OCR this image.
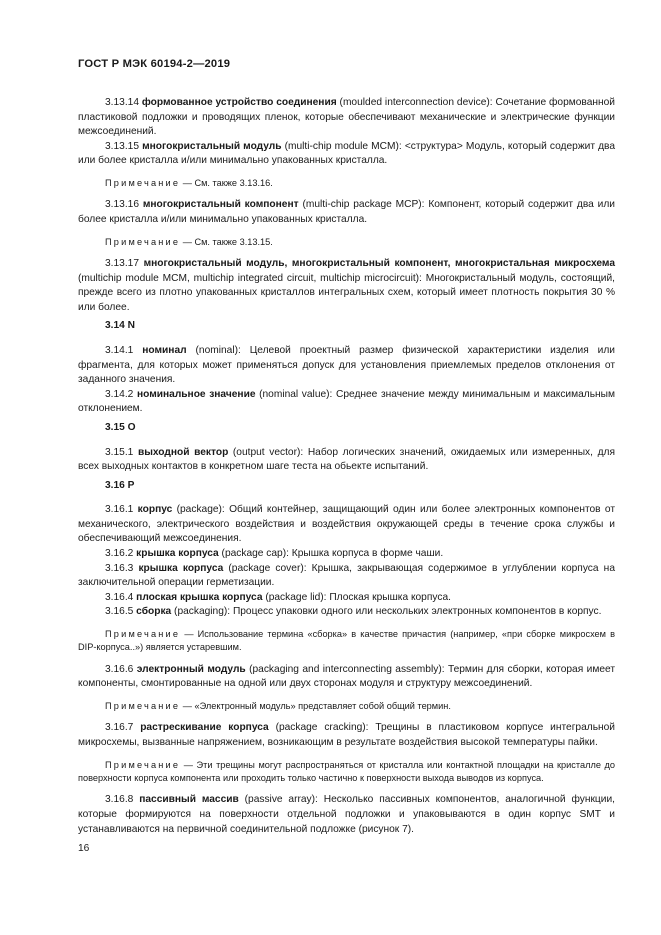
ГОСТ Р МЭК 60194-2—2019
3.13.14 формованное устройство соединения (moulded interconnection device): Сочетание формованной пластиковой подложки и проводящих пленок, которые обеспечивают механические и электрические функции межсоединений.
3.13.15 многокристальный модуль (multi-chip module MCM): <структура> Модуль, который содержит два или более кристалла и/или минимально упакованных кристалла.
Примечание — См. также 3.13.16.
3.13.16 многокристальный компонент (multi-chip package MCP): Компонент, который содержит два или более кристалла и/или минимально упакованных кристалла.
Примечание — См. также 3.13.15.
3.13.17 многокристальный модуль, многокристальный компонент, многокристальная микросхема (multichip module MCM, multichip integrated circuit, multichip microcircuit): Многокристальный модуль, состоящий, прежде всего из плотно упакованных кристаллов интегральных схем, который имеет плотность покрытия 30 % или более.
3.14 N
3.14.1 номинал (nominal): Целевой проектный размер физической характеристики изделия или фрагмента, для которых может применяться допуск для установления приемлемых пределов отклонения от заданного значения.
3.14.2 номинальное значение (nominal value): Среднее значение между минимальным и максимальным отклонением.
3.15 O
3.15.1 выходной вектор (output vector): Набор логических значений, ожидаемых или измеренных, для всех выходных контактов в конкретном шаге теста на обьекте испытаний.
3.16 P
3.16.1 корпус (package): Общий контейнер, защищающий один или более электронных компонентов от механического, электрического воздействия и воздействия окружающей среды в течение срока службы и обеспечивающий межсоединения.
3.16.2 крышка корпуса (package cap): Крышка корпуса в форме чаши.
3.16.3 крышка корпуса (package cover): Крышка, закрывающая содержимое в углублении корпуса на заключительной операции герметизации.
3.16.4 плоская крышка корпуса (package lid): Плоская крышка корпуса.
3.16.5 сборка (packaging): Процесс упаковки одного или нескольких электронных компонентов в корпус.
Примечание — Использование термина «сборка» в качестве причастия (например, «при сборке микросхем в DIP-корпуса..») является устаревшим.
3.16.6 электронный модуль (packaging and interconnecting assembly): Термин для сборки, которая имеет компоненты, смонтированные на одной или двух сторонах модуля и структуру межсоединений.
Примечание — «Электронный модуль» представляет собой общий термин.
3.16.7 растрескивание корпуса (package cracking): Трещины в пластиковом корпусе интегральной микросхемы, вызванные напряжением, возникающим в результате воздействия высокой температуры пайки.
Примечание — Эти трещины могут распространяться от кристалла или контактной площадки на кристалле до поверхности корпуса компонента или проходить только частично к поверхности выхода выводов из корпуса.
3.16.8 пассивный массив (passive array): Несколько пассивных компонентов, аналогичной функции, которые формируются на поверхности отдельной подложки и упаковываются в один корпус SMT и устанавливаются на первичной соединительной подложке (рисунок 7).
16
